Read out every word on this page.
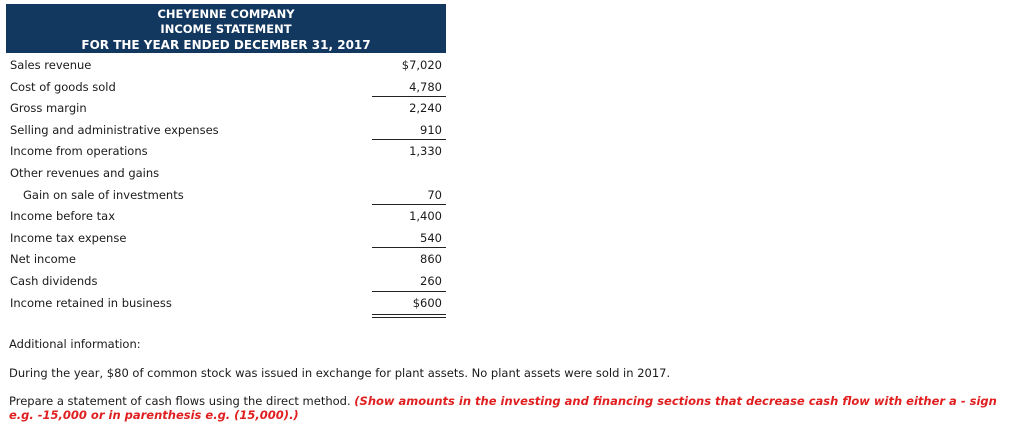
CHEYENNE COMPANY
INCOME STATEMENT
FOR THE YEAR ENDED DECEMBER 31, 2017
Sales revenue	$7,020
Cost of goods sold	4,780
Gross margin	2,240
Selling and administrative expenses	910
Income from operations	1,330
Other revenues and gains
Gain on sale of investments	70
Income before tax	1,400
Income tax expense	540
Net income	860
Cash dividends	260
Income retained in business	$600
Additional information:
During the year, $80 of common stock was issued in exchange for plant assets. No plant assets were sold in 2017.
Prepare a statement of cash flows using the direct method. (Show amounts in the investing and financing sections that decrease cash flow with either a - sign e.g. -15,000 or in parenthesis e.g. (15,000).)
